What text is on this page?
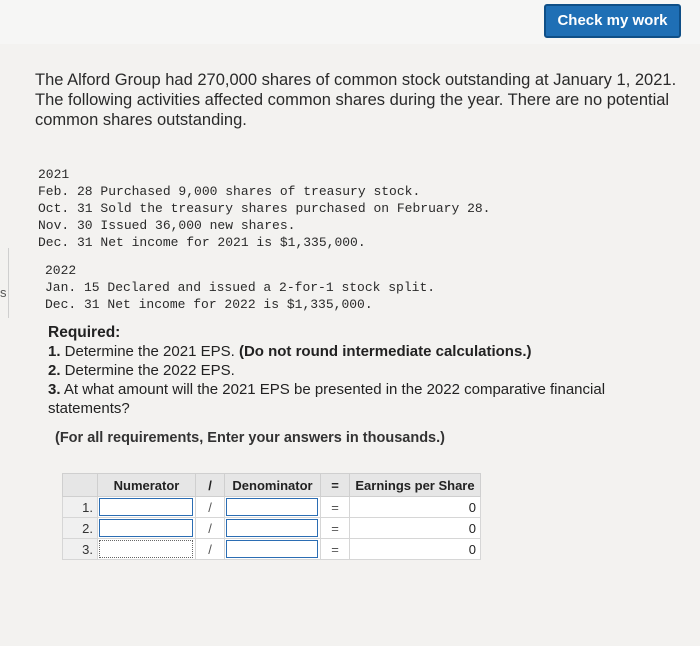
Check my work
s
The Alford Group had 270,000 shares of common stock outstanding at January 1, 2021. The following activities affected common shares during the year. There are no potential common shares outstanding.
2021
Feb. 28 Purchased 9,000 shares of treasury stock.
Oct. 31 Sold the treasury shares purchased on February 28.
Nov. 30 Issued 36,000 new shares.
Dec. 31 Net income for 2021 is $1,335,000.
2022
Jan. 15 Declared and issued a 2-for-1 stock split.
Dec. 31 Net income for 2022 is $1,335,000.
Required:
1. Determine the 2021 EPS. (Do not round intermediate calculations.)
2. Determine the 2022 EPS.
3. At what amount will the 2021 EPS be presented in the 2022 comparative financial statements?
(For all requirements, Enter your answers in thousands.)
	Numerator	/	Denominator	=	Earnings per Share
1.		/		=	0
2.		/		=	0
3.		/		=	0
